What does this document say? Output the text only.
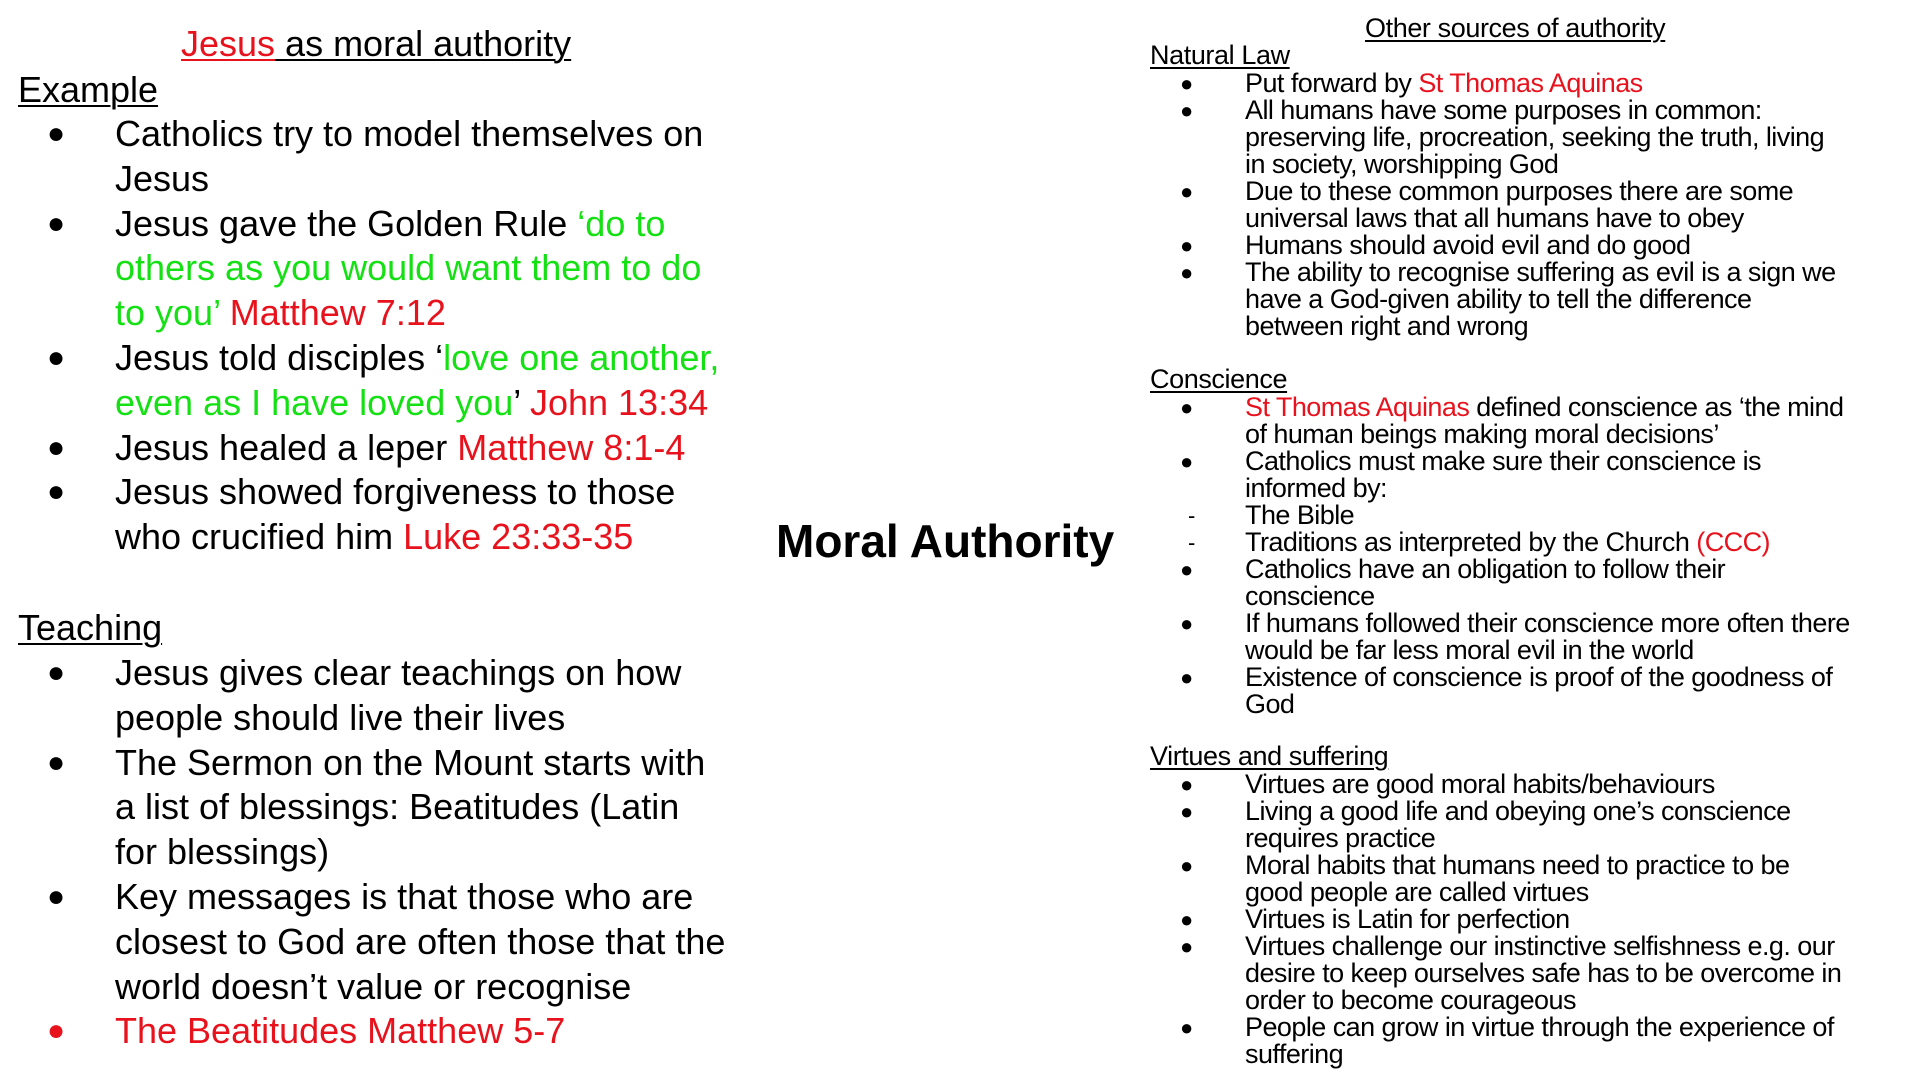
Jesus as moral authority
Example
● Catholics try to model themselves on
Jesus
● Jesus gave the Golden Rule ‘do to
others as you would want them to do
to you’ Matthew 7:12
● Jesus told disciples ‘love one another,
even as I have loved you’ John 13:34
● Jesus healed a leper Matthew 8:1-4
● Jesus showed forgiveness to those
who crucified him Luke 23:33-35
Teaching
● Jesus gives clear teachings on how
people should live their lives
● The Sermon on the Mount starts with
a list of blessings: Beatitudes (Latin
for blessings)
● Key messages is that those who are
closest to God are often those that the
world doesn’t value or recognise
● The Beatitudes Matthew 5-7
Moral Authority
Other sources of authority
Natural Law
● Put forward by St Thomas Aquinas
● All humans have some purposes in common:
preserving life, procreation, seeking the truth, living
in society, worshipping God
● Due to these common purposes there are some
universal laws that all humans have to obey
● Humans should avoid evil and do good
● The ability to recognise suffering as evil is a sign we
have a God-given ability to tell the difference
between right and wrong
Conscience
● St Thomas Aquinas defined conscience as ‘the mind
of human beings making moral decisions’
● Catholics must make sure their conscience is
informed by:
- The Bible
- Traditions as interpreted by the Church (CCC)
● Catholics have an obligation to follow their
conscience
● If humans followed their conscience more often there
would be far less moral evil in the world
● Existence of conscience is proof of the goodness of
God
Virtues and suffering
● Virtues are good moral habits/behaviours
● Living a good life and obeying one’s conscience
requires practice
● Moral habits that humans need to practice to be
good people are called virtues
● Virtues is Latin for perfection
● Virtues challenge our instinctive selfishness e.g. our
desire to keep ourselves safe has to be overcome in
order to become courageous
● People can grow in virtue through the experience of
suffering
